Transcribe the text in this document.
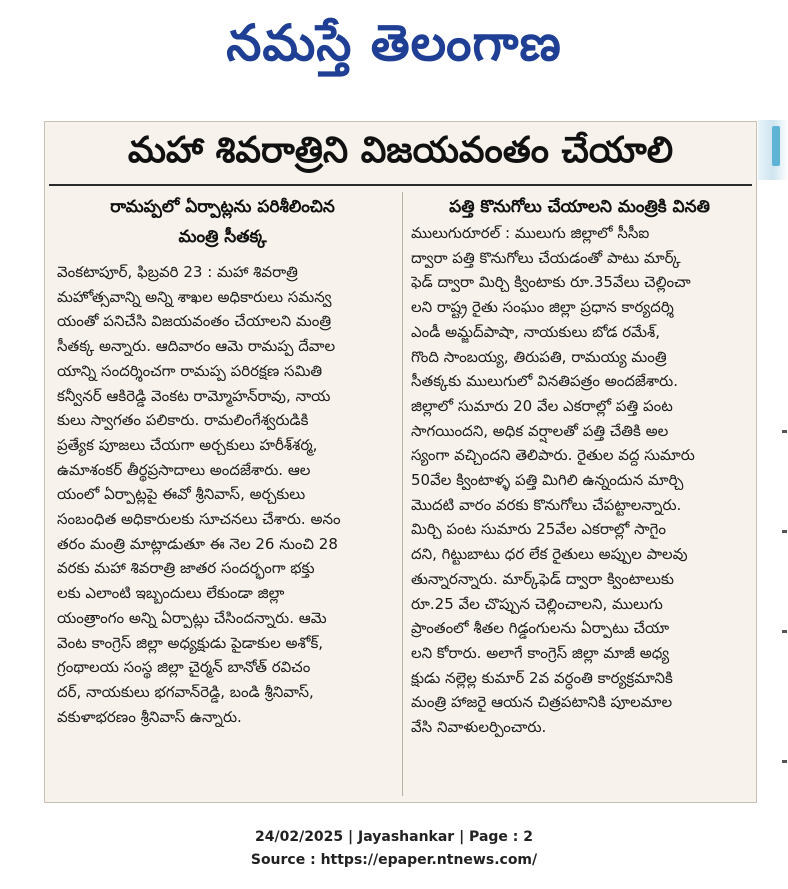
నమస్తే తెలంగాణ
మహా శివరాత్రిని విజయవంతం చేయాలి
రామప్పలో ఏర్పాట్లను పరిశీలించిన
మంత్రి సీతక్క
పత్తి కొనుగోలు చేయాలని మంత్రికి వినతి
వెంకటాపూర్‌, ఫిబ్రవరి 23 : మహా శివరాత్రి
మహోత్సవాన్ని అన్ని శాఖల అధికారులు సమన్వ
యంతో పనిచేసి విజయవంతం చేయాలని మంత్రి
సీతక్క అన్నారు. ఆదివారం ఆమె రామప్ప దేవాల
యాన్ని సందర్శించగా రామప్ప పరిరక్షణ సమితి
కన్వీనర్‌ ఆకిరెడ్డి వెంకట రామ్మోహన్‌రావు, నాయ
కులు స్వాగతం పలికారు. రామలింగేశ్వరుడికి
ప్రత్యేక పూజలు చేయగా అర్చకులు హరీశ్‌శర్మ,
ఉమాశంకర్‌ తీర్థప్రసాదాలు అందజేశారు. ఆల
యంలో ఏర్పాట్లపై ఈవో శ్రీనివాస్‌, అర్చకులు
సంబంధిత అధికారులకు సూచనలు చేశారు. అనం
తరం మంత్రి మాట్లాడుతూ ఈ నెల 26 నుంచి 28
వరకు మహా శివరాత్రి జాతర సందర్భంగా భక్తు
లకు ఎలాంటి ఇబ్బందులు లేకుండా జిల్లా
యంత్రాంగం అన్ని ఏర్పాట్లు చేసిందన్నారు. ఆమె
వెంట కాంగ్రెస్‌ జిల్లా అధ్యక్షుడు పైడాకుల అశోక్‌,
గ్రంథాలయ సంస్థ జిల్లా చైర్మన్‌ బానోత్‌ రవిచం
దర్‌, నాయకులు భగవాన్‌రెడ్డి, బండి శ్రీనివాస్‌,
వకుళాభరణం శ్రీనివాస్‌ ఉన్నారు.
ములుగురూరల్‌ : ములుగు జిల్లాలో సీసీఐ
ద్వారా పత్తి కొనుగోలు చేయడంతో పాటు మార్క్‌
ఫెడ్‌ ద్వారా మిర్చి క్వింటాకు రూ.35వేలు చెల్లించా
లని రాష్ట్ర రైతు సంఘం జిల్లా ప్రధాన కార్యదర్శి
ఎండీ అమ్జద్‌పాషా, నాయకులు బోడ రమేశ్‌,
గొంది సాంబయ్య, తిరుపతి, రామయ్య మంత్రి
సీతక్కకు ములుగులో వినతిపత్రం అందజేశారు.
జిల్లాలో సుమారు 20 వేల ఎకరాల్లో పత్తి పంట
సాగయిందని, అధిక వర్షాలతో పత్తి చేతికి అల
స్యంగా వచ్చిందని తెలిపారు. రైతుల వద్ద సుమారు
50వేల క్వింటాళ్ళ పత్తి మిగిలి ఉన్నందున మార్చి
మొదటి వారం వరకు కొనుగోలు చేపట్టాలన్నారు.
మిర్చి పంట సుమారు 25వేల ఎకరాల్లో సాగైం
దని, గిట్టుబాటు ధర లేక రైతులు అప్పుల పాలవు
తున్నారన్నారు. మార్క్‌ఫెడ్‌ ద్వారా క్వింటాలుకు
రూ.25 వేల చొప్పున చెల్లించాలని, ములుగు
ప్రాంతంలో శీతల గిడ్డంగులను ఏర్పాటు చేయా
లని కోరారు. అలాగే కాంగ్రెస్‌ జిల్లా మాజీ అధ్య
క్షుడు నల్లెల్ల కుమార్‌ 2వ వర్ధంతి కార్యక్రమానికి
మంత్రి హాజరై ఆయన చిత్రపటానికి పూలమాల
వేసి నివాళులర్పించారు.
24/02/2025 | Jayashankar | Page : 2
Source : https://epaper.ntnews.com/
